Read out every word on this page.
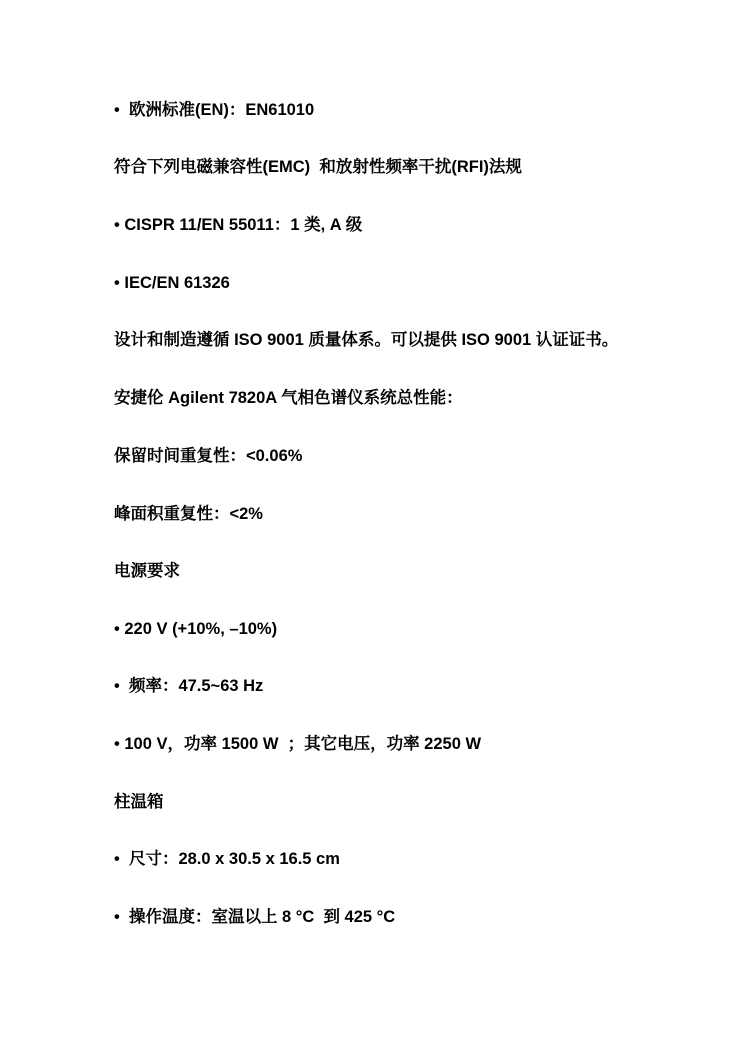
•  欧洲标准(EN)：EN61010

符合下列电磁兼容性(EMC)  和放射性频率干扰(RFI)法规

• CISPR 11/EN 55011：1 类, A 级

• IEC/EN 61326

设计和制造遵循 ISO 9001 质量体系。可以提供 ISO 9001 认证证书。

安捷伦 Agilent 7820A 气相色谱仪系统总性能：

保留时间重复性：<0.06%

峰面积重复性：<2%

电源要求

• 220 V (+10%, –10%)

•  频率：47.5~63 Hz

• 100 V，功率 1500 W  ；其它电压，功率 2250 W

柱温箱

•  尺寸：28.0 x 30.5 x 16.5 cm

•  操作温度：室温以上 8 °C  到 425 °C
